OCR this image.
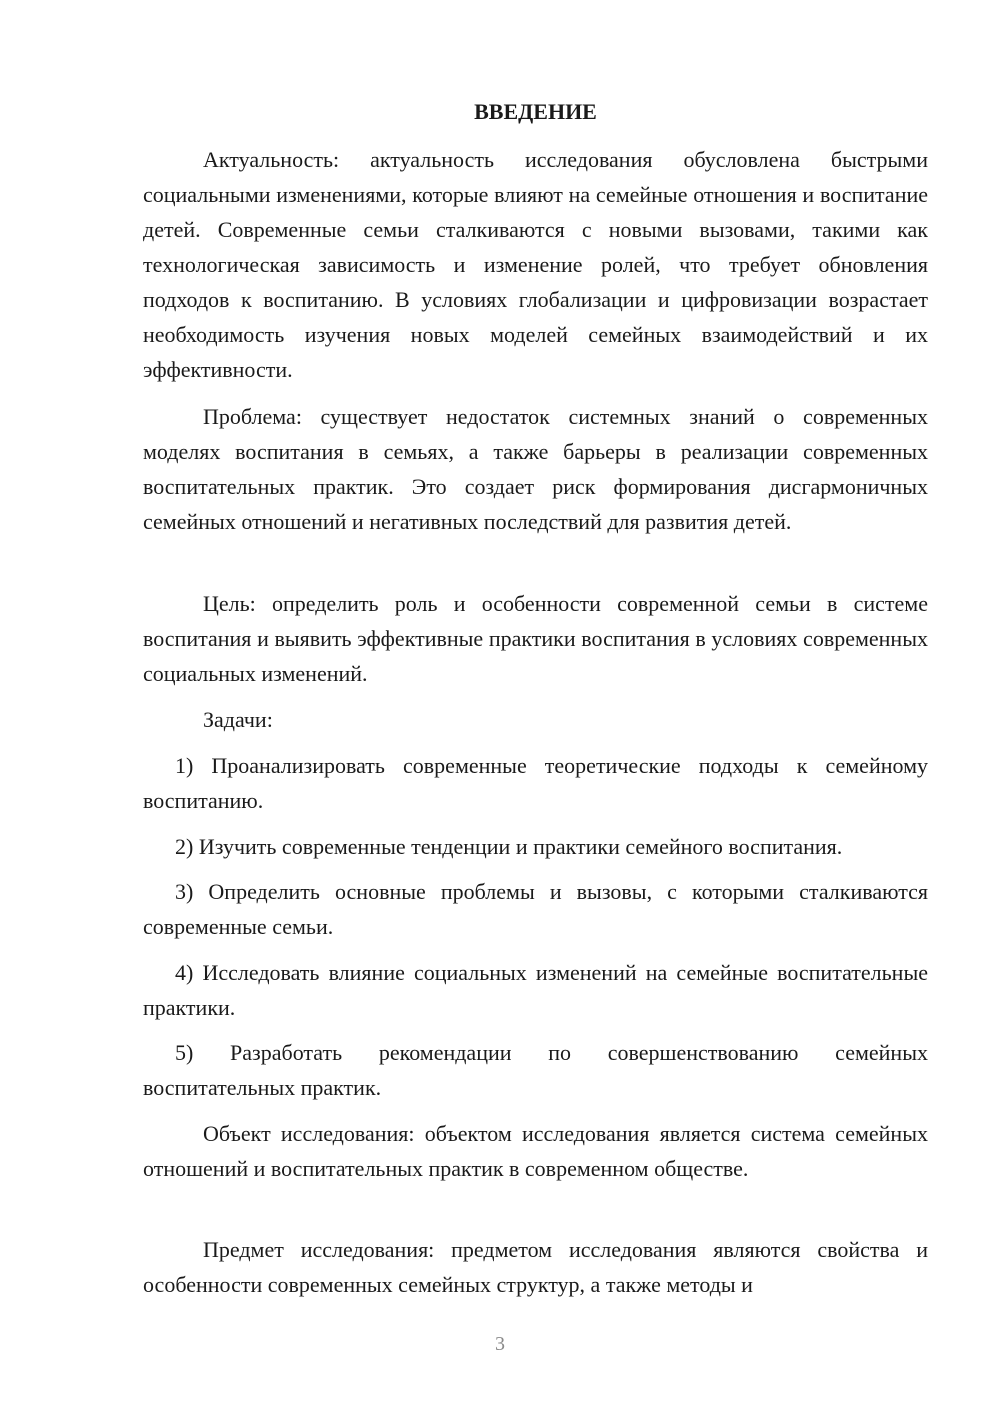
ВВЕДЕНИЕ

Актуальность: актуальность исследования обусловлена быстрыми социальными изменениями, которые влияют на семейные отношения и воспитание детей. Современные семьи сталкиваются с новыми вызовами, такими как технологическая зависимость и изменение ролей, что требует обновления подходов к воспитанию. В условиях глобализации и цифровизации возрастает необходимость изучения новых моделей семейных взаимодействий и их эффективности.

Проблема: существует недостаток системных знаний о современных моделях воспитания в семьях, а также барьеры в реализации современных воспитательных практик. Это создает риск формирования дисгармоничных семейных отношений и негативных последствий для развития детей.

Цель: определить роль и особенности современной семьи в системе воспитания и выявить эффективные практики воспитания в условиях современных социальных изменений.

Задачи:

1) Проанализировать современные теоретические подходы к семейному воспитанию.

2) Изучить современные тенденции и практики семейного воспитания.

3) Определить основные проблемы и вызовы, с которыми сталкиваются современные семьи.

4) Исследовать влияние социальных изменений на семейные воспитательные практики.

5) Разработать рекомендации по совершенствованию семейных воспитательных практик.

Объект исследования: объектом исследования является система семейных отношений и воспитательных практик в современном обществе.

Предмет исследования: предметом исследования являются свойства и особенности современных семейных структур, а также методы и

3
